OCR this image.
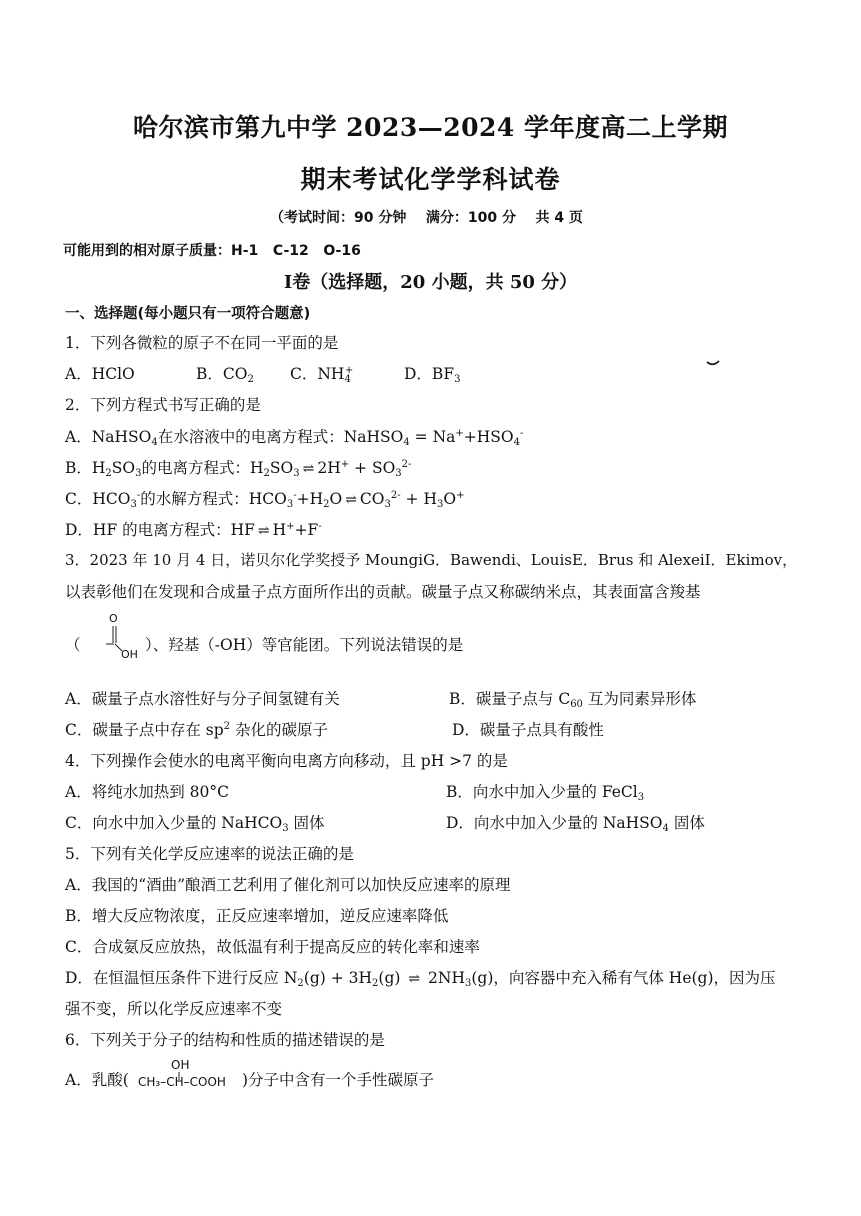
哈尔滨市第九中学 2023—2024 学年度高二上学期
期末考试化学学科试卷
（考试时间：90 分钟    满分：100 分    共 4 页
可能用到的相对原子质量：H-1   C-12   O-16
I卷（选择题，20 小题，共 50 分）
一、选择题(每小题只有一项符合题意)
1．下列各微粒的原子不在同一平面的是
A．HClO	B．$CO_2$ C．$NH_4^+$	D．$BF_3$
2．下列方程式书写正确的是
A．NaHSO$_4$在水溶液中的电离方程式：NaHSO$_4$ = $Na^++HSO_4^-$
B．$H_2SO_3$的电离方程式：$H_2SO_3$ ⇌ $2H^+ + SO_3^{2-}$
C．$HCO_3^-$的水解方程式：$HCO_3^-+H_2O$ ⇌ $CO_3^{2-} + H_3O^+$
D．HF 的电离方程式：HF ⇌ H++F-
3．2023 年 10 月 4 日，诺贝尔化学奖授予 MoungiG．Bawendi、LouisE．Brus 和 AlexeiI．Ekimov，
以表彰他们在发现和合成量子点方面所作出的贡献。碳量子点又称碳纳米点，其表面富含羧基
（
O
OH
）、羟基（-OH）等官能团。下列说法错误的是
A．碳量子点水溶性好与分子间氢键有关	B．碳量子点与 $C_{60}$ 互为同素异形体
C．碳量子点中存在 $sp^2$ 杂化的碳原子	D．碳量子点具有酸性
4．下列操作会使水的电离平衡向电离方向移动，且 pH >7 的是
A．将纯水加热到 80°C	B．向水中加入少量的 FeCl$_3$
C．向水中加入少量的 NaHCO$_3$ 固体	D．向水中加入少量的 NaHSO$_4$ 固体
5．下列有关化学反应速率的说法正确的是
A．我国的“酒曲”酿酒工艺利用了催化剂可以加快反应速率的原理
B．增大反应物浓度，正反应速率增加，逆反应速率降低
C．合成氨反应放热，故低温有利于提高反应的转化率和速率
D．在恒温恒压条件下进行反应 $N_2(g) + 3H_2(g)$ ⇌ $2NH_3(g)$，向容器中充入稀有气体 He(g)，因为压
强不变，所以化学反应速率不变
6．下列关于分子的结构和性质的描述错误的是
A．乳酸(
OH
CH₃–CH–COOH )分子中含有一个手性碳原子
